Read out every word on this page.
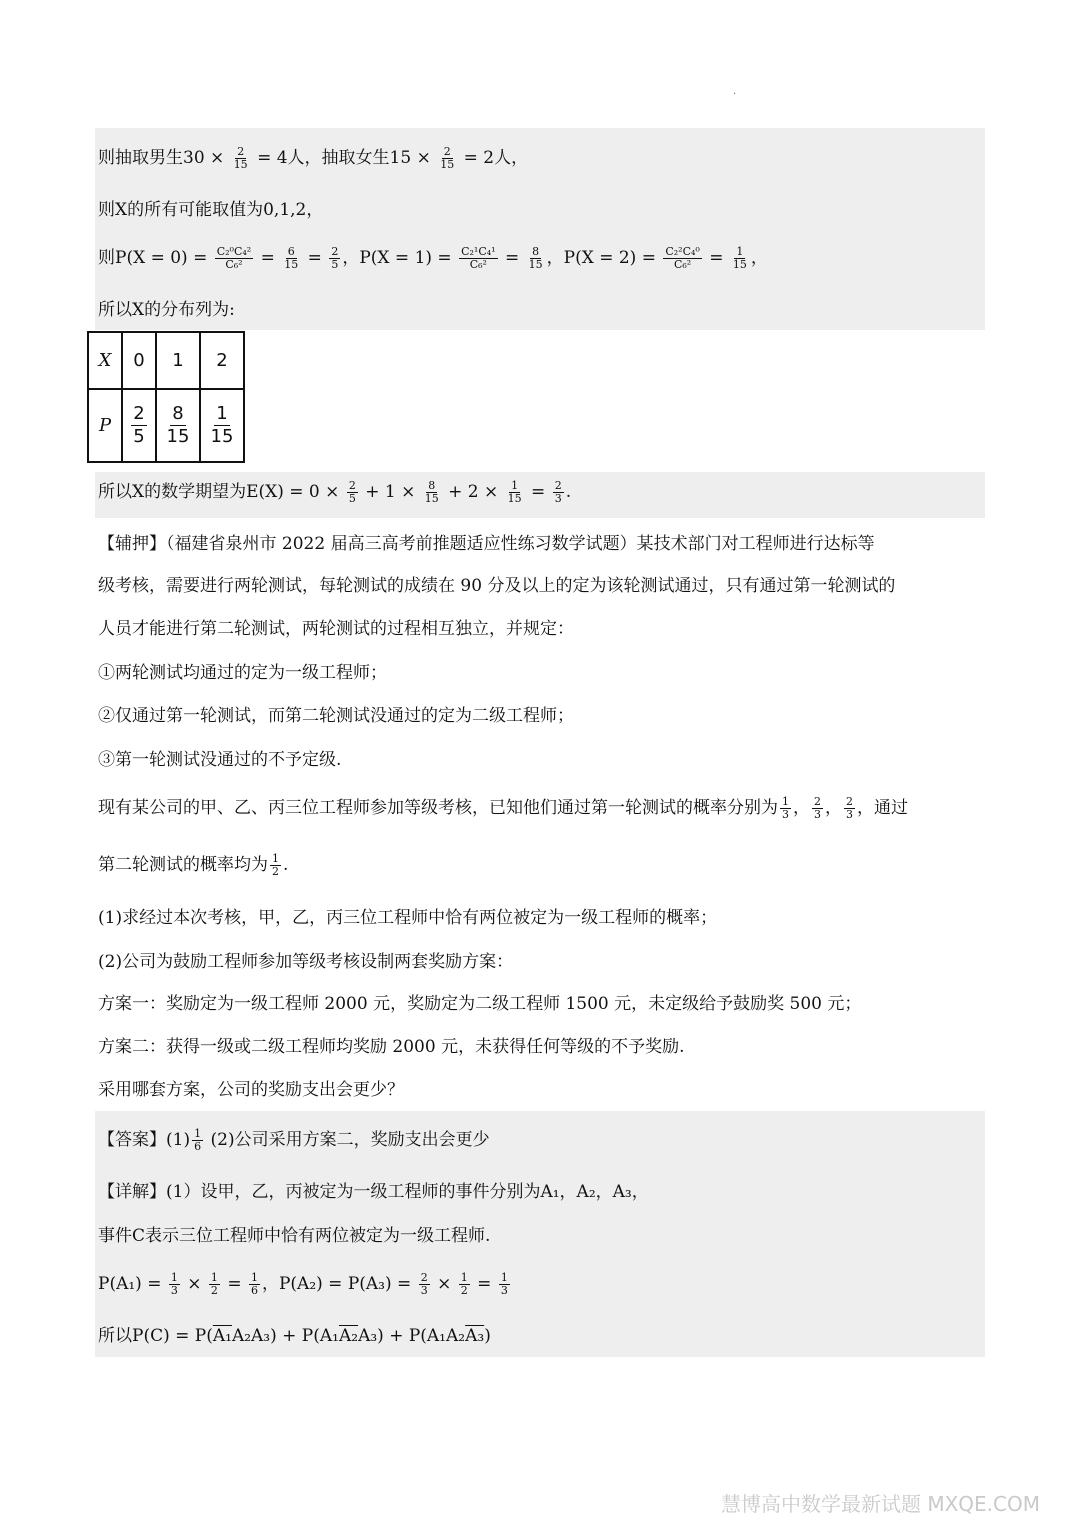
.
则抽取男生$30 \times \frac{2}{15} = 4$人，抽取女生$15 \times \frac{2}{15} = 2$人，
则X的所有可能取值为0,1,2，
则$P(X = 0) = \frac{\text{C₂⁰C₄²}}{\text{C₆²}} = \frac{6}{15} = \frac{2}{5}$ ，$P(X = 1) = \frac{\text{C₂¹C₄¹}}{\text{C₆²}} = \frac{8}{15}$ ，$P(X = 2) = \frac{\text{C₂²C₄⁰}}{\text{C₆²}} = \frac{1}{15}$ ，
所以X的分布列为:
X	0	1	2
P	$\frac{2}{5}$	$\frac{8}{15}$	$\frac{1}{15}$
所以X的数学期望为$E(X) = 0 \times \frac{2}{5} + 1 \times \frac{8}{15} + 2 \times \frac{1}{15} = \frac{2}{3}$ .
【辅押】（福建省泉州市 2022 届高三高考前推题适应性练习数学试题）某技术部门对工程师进行达标等
级考核，需要进行两轮测试，每轮测试的成绩在 90 分及以上的定为该轮测试通过，只有通过第一轮测试的
人员才能进行第二轮测试，两轮测试的过程相互独立，并规定：
①两轮测试均通过的定为一级工程师；
②仅通过第一轮测试，而第二轮测试没通过的定为二级工程师；
③第一轮测试没通过的不予定级.
现有某公司的甲、乙、丙三位工程师参加等级考核，已知他们通过第一轮测试的概率分别为 $\frac{1}{3}$ ， $\frac{2}{3}$ ， $\frac{2}{3}$ ，通过
第二轮测试的概率均为 $\frac{1}{2}$ .
(1)求经过本次考核，甲，乙，丙三位工程师中恰有两位被定为一级工程师的概率；
(2)公司为鼓励工程师参加等级考核设制两套奖励方案：
方案一：奖励定为一级工程师 2000 元，奖励定为二级工程师 1500 元，未定级给予鼓励奖 500 元；
方案二：获得一级或二级工程师均奖励 2000 元，未获得任何等级的不予奖励.
采用哪套方案，公司的奖励支出会更少？
【答案】$(1) \frac{1}{6} (2)$公司采用方案二，奖励支出会更少
【详解】(1）设甲，乙，丙被定为一级工程师的事件分别为A₁，A₂，A₃，
事件C表示三位工程师中恰有两位被定为一级工程师.
$P(A_1) = \frac{1}{3} \times \frac{1}{2} = \frac{1}{6}$ ，$P(A_2) = P(A_3) = \frac{2}{3} \times \frac{1}{2} = \frac{1}{3}$
所以P(C) = P(A₁A₂A₃) + P(A₁A₂A₃) + P(A₁A₂A₃)
慧博高中数学最新试题 MXQE.COM
